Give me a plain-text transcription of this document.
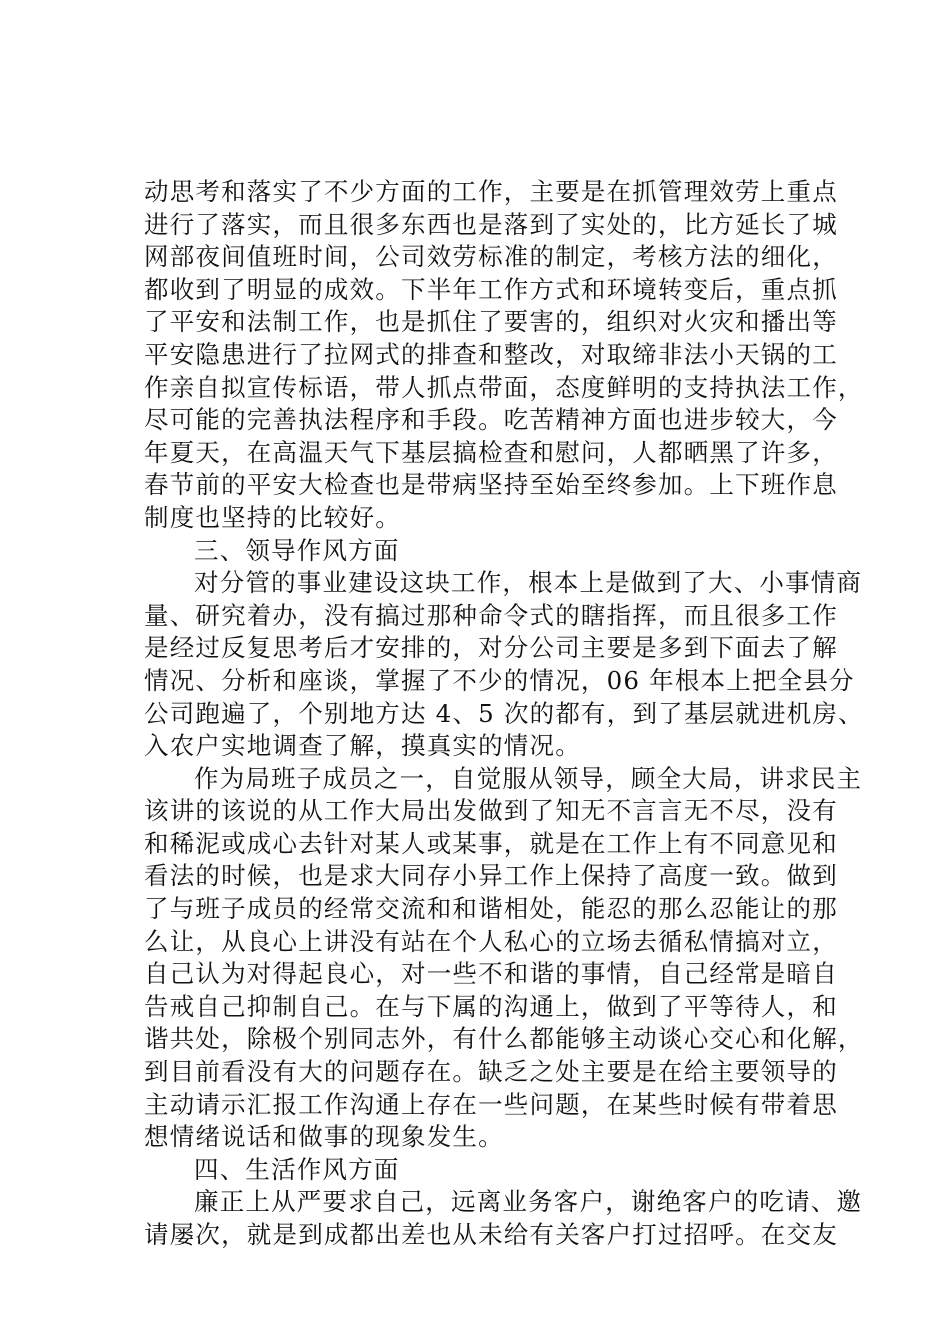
动思考和落实了不少方面的工作，主要是在抓管理效劳上重点
进行了落实，而且很多东西也是落到了实处的，比方延长了城
网部夜间值班时间，公司效劳标准的制定，考核方法的细化，
都收到了明显的成效。下半年工作方式和环境转变后，重点抓
了平安和法制工作，也是抓住了要害的，组织对火灾和播出等
平安隐患进行了拉网式的排查和整改，对取缔非法小天锅的工
作亲自拟宣传标语，带人抓点带面，态度鲜明的支持执法工作，
尽可能的完善执法程序和手段。吃苦精神方面也进步较大，今
年夏天，在高温天气下基层搞检查和慰问，人都晒黑了许多，
春节前的平安大检查也是带病坚持至始至终参加。上下班作息
制度也坚持的比较好。
三、领导作风方面
对分管的事业建设这块工作，根本上是做到了大、小事情商
量、研究着办，没有搞过那种命令式的瞎指挥，而且很多工作
是经过反复思考后才安排的，对分公司主要是多到下面去了解
情况、分析和座谈，掌握了不少的情况，06 年根本上把全县分
公司跑遍了，个别地方达 4、5 次的都有，到了基层就进机房、
入农户实地调查了解，摸真实的情况。
作为局班子成员之一，自觉服从领导，顾全大局，讲求民主
该讲的该说的从工作大局出发做到了知无不言言无不尽，没有
和稀泥或成心去针对某人或某事，就是在工作上有不同意见和
看法的时候，也是求大同存小异工作上保持了高度一致。做到
了与班子成员的经常交流和和谐相处，能忍的那么忍能让的那
么让，从良心上讲没有站在个人私心的立场去循私情搞对立，
自己认为对得起良心，对一些不和谐的事情，自己经常是暗自
告戒自己抑制自己。在与下属的沟通上，做到了平等待人，和
谐共处，除极个别同志外，有什么都能够主动谈心交心和化解，
到目前看没有大的问题存在。缺乏之处主要是在给主要领导的
主动请示汇报工作沟通上存在一些问题，在某些时候有带着思
想情绪说话和做事的现象发生。
四、生活作风方面
廉正上从严要求自己，远离业务客户，谢绝客户的吃请、邀
请屡次，就是到成都出差也从未给有关客户打过招呼。在交友
